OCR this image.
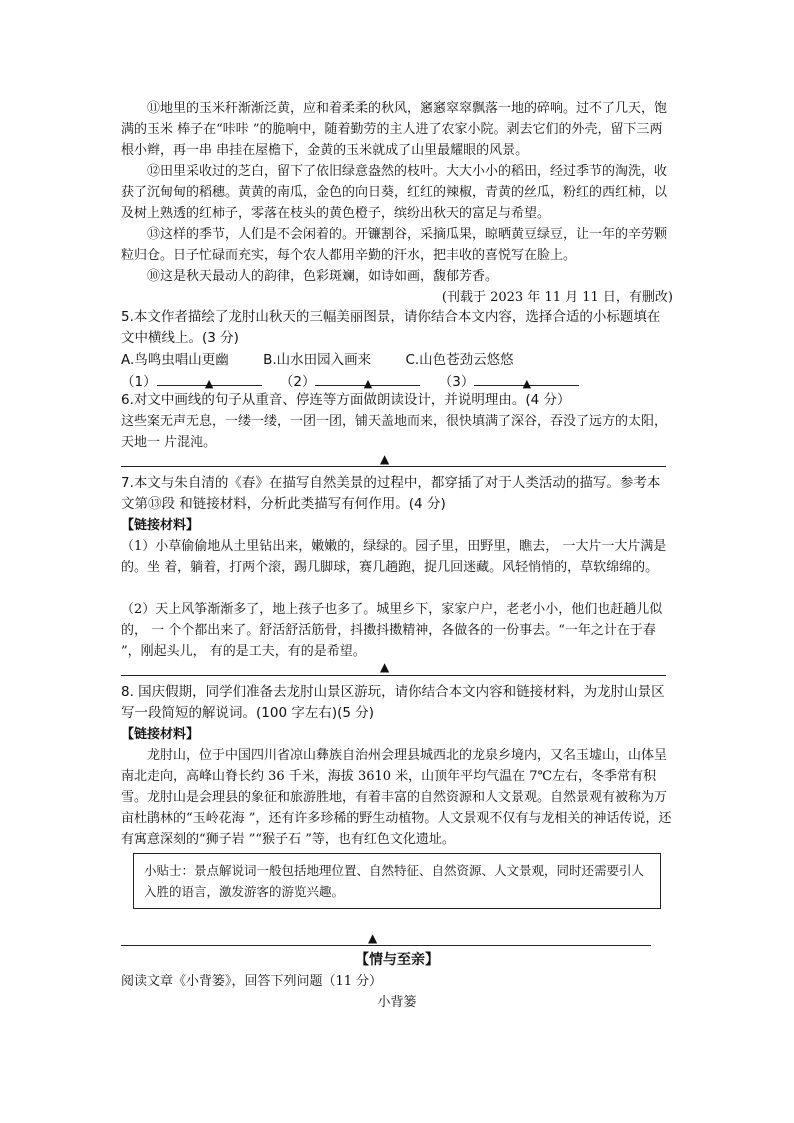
⑪地里的玉米秆渐渐泛黄，应和着柔柔的秋风，窸窸窣窣飘落一地的碎响。过不了几天，饱满的玉米 棒子在“咔咔 ”的脆响中，随着勤劳的主人进了农家小院。剥去它们的外壳，留下三两根小辫，再一串 串挂在屋檐下，金黄的玉米就成了山里最耀眼的风景。

⑫田里采收过的芝白，留下了依旧绿意盎然的枝叶。大大小小的稻田，经过季节的淘洗，收获了沉甸甸的稻穗。黄黄的南瓜，金色的向日葵，红红的辣椒，青黄的丝瓜，粉红的西红柿，以及树上熟透的红柿子，零落在枝头的黄色橙子，缤纷出秋天的富足与希望。

⑬这样的季节，人们是不会闲着的。开镰割谷，采摘瓜果，晾晒黄豆绿豆，让一年的辛劳颗粒归仓。日子忙碌而充实，每个农人都用辛勤的汗水，把丰收的喜悦写在脸上。

⑩这是秋天最动人的韵律，色彩斑斓，如诗如画，馥郁芳香。

(刊载于 2023 年 11 月 11 日，有删改)

5.本文作者描绘了龙肘山秋天的三幅美丽图景，请你结合本文内容，选择合适的小标题填在文中横线上。(3 分)

A.鸟鸣虫唱山更幽	B.山水田园入画来	C.山色苍劲云悠悠
（1）	▲	（2）	▲	（3）	▲

6.对文中画线的句子从重音、停连等方面做朗读设计，并说明理由。(4 分）

这些案无声无息，一缕一缕，一团一团，铺天盖地而来，很快填满了深谷，吞没了远方的太阳，天地一 片混沌。

▲

7.本文与朱自清的《春》在描写自然美景的过程中，都穿插了对于人类活动的描写。参考本文第⑬段 和链接材料，分析此类描写有何作用。(4 分)

【链接材料】

（1）小草偷偷地从土里钻出来，嫩嫩的，绿绿的。园子里，田野里，瞧去， 一大片一大片满是的。坐 着，躺着，打两个滚，踢几脚球，赛几趟跑，捉几回迷藏。风轻悄悄的，草软绵绵的。

（2）天上风筝渐渐多了，地上孩子也多了。城里乡下，家家户户，老老小小，他们也赶趟儿似的， 一 个个都出来了。舒活舒活筋骨，抖擞抖擞精神，各做各的一份事去。“一年之计在于春 ”，刚起头儿， 有的是工夫，有的是希望。

▲

8. 国庆假期，同学们准备去龙肘山景区游玩，请你结合本文内容和链接材料，为龙肘山景区写一段简短的解说词。(100 字左右)(5 分)

【链接材料】

龙肘山，位于中国四川省凉山彝族自治州会理县城西北的龙泉乡境内，又名玉墟山，山体呈南北走向，高峰山脊长约 36 千米，海拔 3610 米，山顶年平均气温在 7℃左右，冬季常有积雪。龙肘山是会理县的象征和旅游胜地，有着丰富的自然资源和人文景观。自然景观有被称为万亩杜鹃林的“玉岭花海 ”，还有许多珍稀的野生动植物。人文景观不仅有与龙相关的神话传说，还有寓意深刻的“狮子岩 ”“猴子石 ”等，也有红色文化遗址。

小贴士：景点解说词一般包括地理位置、自然特征、自然资源、人文景观，同时还需要引人入胜的语言，激发游客的游览兴趣。
▲

【情与至亲】

阅读文章《小背篓》，回答下列问题（11 分）

小背篓
